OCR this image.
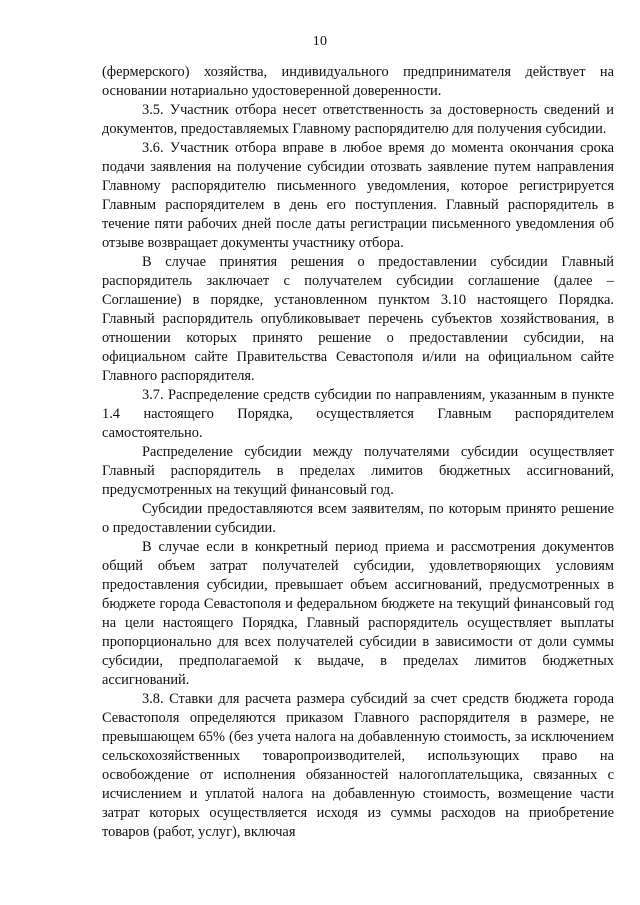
10

(фермерского) хозяйства, индивидуального предпринимателя действует на основании нотариально удостоверенной доверенности.

3.5. Участник отбора несет ответственность за достоверность сведений и документов, предоставляемых Главному распорядителю для получения субсидии.

3.6. Участник отбора вправе в любое время до момента окончания срока подачи заявления на получение субсидии отозвать заявление путем направления Главному распорядителю письменного уведомления, которое регистрируется Главным распорядителем в день его поступления. Главный распорядитель в течение пяти рабочих дней после даты регистрации письменного уведомления об отзыве возвращает документы участнику отбора.

В случае принятия решения о предоставлении субсидии Главный распорядитель заключает с получателем субсидии соглашение (далее – Соглашение) в порядке, установленном пунктом 3.10 настоящего Порядка. Главный распорядитель опубликовывает перечень субъектов хозяйствования, в отношении которых принято решение о предоставлении субсидии, на официальном сайте Правительства Севастополя и/или на официальном сайте Главного распорядителя.

3.7. Распределение средств субсидии по направлениям, указанным в пункте 1.4 настоящего Порядка, осуществляется Главным распорядителем самостоятельно.

Распределение субсидии между получателями субсидии осуществляет Главный распорядитель в пределах лимитов бюджетных ассигнований, предусмотренных на текущий финансовый год.

Субсидии предоставляются всем заявителям, по которым принято решение о предоставлении субсидии.

В случае если в конкретный период приема и рассмотрения документов общий объем затрат получателей субсидии, удовлетворяющих условиям предоставления субсидии, превышает объем ассигнований, предусмотренных в бюджете города Севастополя и федеральном бюджете на текущий финансовый год на цели настоящего Порядка, Главный распорядитель осуществляет выплаты пропорционально для всех получателей субсидии в зависимости от доли суммы субсидии, предполагаемой к выдаче, в пределах лимитов бюджетных ассигнований.

3.8. Ставки для расчета размера субсидий за счет средств бюджета города Севастополя определяются приказом Главного распорядителя в размере, не превышающем 65% (без учета налога на добавленную стоимость, за исключением сельскохозяйственных товаропроизводителей, использующих право на освобождение от исполнения обязанностей налогоплательщика, связанных с исчислением и уплатой налога на добавленную стоимость, возмещение части затрат которых осуществляется исходя из суммы расходов на приобретение товаров (работ, услуг), включая
